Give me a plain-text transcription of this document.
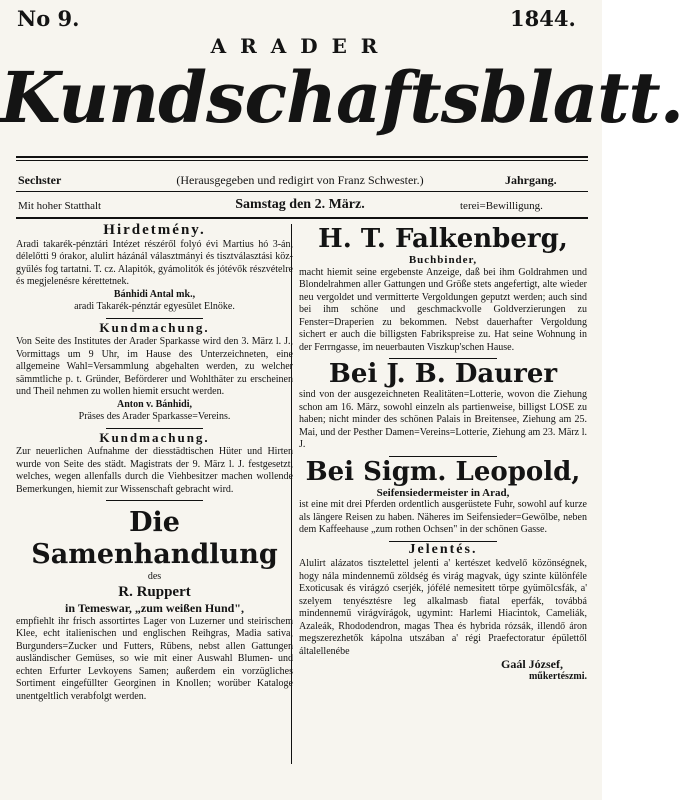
No 9.	1844.
ARADER
Kundschaftsblatt.
Sechster	(Herausgegeben und redigirt von Franz Schwester.)	Jahrgang.
Mit hoher Statthalt	Samstag den 2. März.	terei=Bewilligung.
Hirdetmény.

Aradi takarék-pénztári Intézet részéről folyó évi Martius hó 3-án, délelőtti 9 órakor, alulirt házánál választmányi és tisztválasztási köz-gyűlés fog tartatni. T. cz. Alapitók, gyámolitók és jótévők részvételre és megjelenésre kérettetnek.

Bánhidi Antal mk.,
aradi Takarék-pénztár egyesület Elnöke.
Kundmachung.

Von Seite des Institutes der Arader Sparkasse wird den 3. März l. J., Vormittags um 9 Uhr, im Hause des Unterzeichneten, eine allgemeine Wahl=Versammlung abgehalten werden, zu welcher sämmtliche p. t. Gründer, Beförderer und Wohlthäter zu erscheinen und Theil nehmen zu wollen hiemit ersucht werden.

Anton v. Bánhidi,
Präses des Arader Sparkasse=Vereins.
Kundmachung.

Zur neuerlichen Aufnahme der diesstädtischen Hüter und Hirten wurde von Seite des städt. Magistrats der 9. März l. J. festgesetzt, welches, wegen allenfalls durch die Viehbesitzer machen wollende Bemerkungen, hiemit zur Wissenschaft gebracht wird.

Die Samenhandlung
des
R. Ruppert
in Temeswar, „zum weißen Hund",

empfiehlt ihr frisch assortirtes Lager von Luzerner und steirischem Klee, echt italienischen und englischen Reihgras, Madia sativa, Burgunders=Zucker und Futters, Rübens, nebst allen Gattungen ausländischer Gemüses, so wie mit einer Auswahl Blumen- und echten Erfurter Levkoyens Samen; außerdem ein vorzügliches Sortiment eingefüllter Georginen in Knollen; worüber Kataloge unentgeltlich verabfolgt werden.

H. T. Falkenberg,
Buchbinder,

macht hiemit seine ergebenste Anzeige, daß bei ihm Goldrahmen und Blondelrahmen aller Gattungen und Größe stets angefertigt, alte wieder neu vergoldet und vermitterte Vergoldungen geputzt werden; auch sind bei ihm schöne und geschmackvolle Goldverzierungen zu Fenster=Draperien zu bekommen. Nebst dauerhafter Vergoldung sichert er auch die billigsten Fabrikspreise zu. Hat seine Wohnung in der Ferrngasse, im neuerbauten Viszkup'schen Hause.

Bei J. B. Daurer

sind von der ausgezeichneten Realitäten=Lotterie, wovon die Ziehung schon am 16. März, sowohl einzeln als partienweise, billigst LOSE zu haben; nicht minder des schönen Palais in Breitensee, Ziehung am 25. Mai, und der Pesther Damen=Vereins=Lotterie, Ziehung am 23. März l. J.

Bei Sigm. Leopold,
Seifensiedermeister in Arad,

ist eine mit drei Pferden ordentlich ausgerüstete Fuhr, sowohl auf kurze als längere Reisen zu haben. Näheres im Seifensieder=Gewölbe, neben dem Kaffeehause „zum rothen Ochsen" in der schönen Gasse.

Jelentés.

Alulirt alázatos tisztelettel jelenti a' kertészet kedvelő közönségnek, hogy nála mindennemű zöldség és virág magvak, úgy szinte különféle Exoticusak és virágzó cserjék, jófélé nemesitett törpe gyümölcsfák, a' szelyem tenyésztésre leg alkalmasb fiatal eperfák, továbbá mindennemű virágvírágok, ugymint: Harlemi Hiacintok, Cameliák, Azaleák, Rhododendron, magas Thea és hybrida rózsák, illendő áron megszerezhetők kápolna utszában a' régi Praefectoratur épülettől általellenébe

Gaál József,
műkertészmi.
